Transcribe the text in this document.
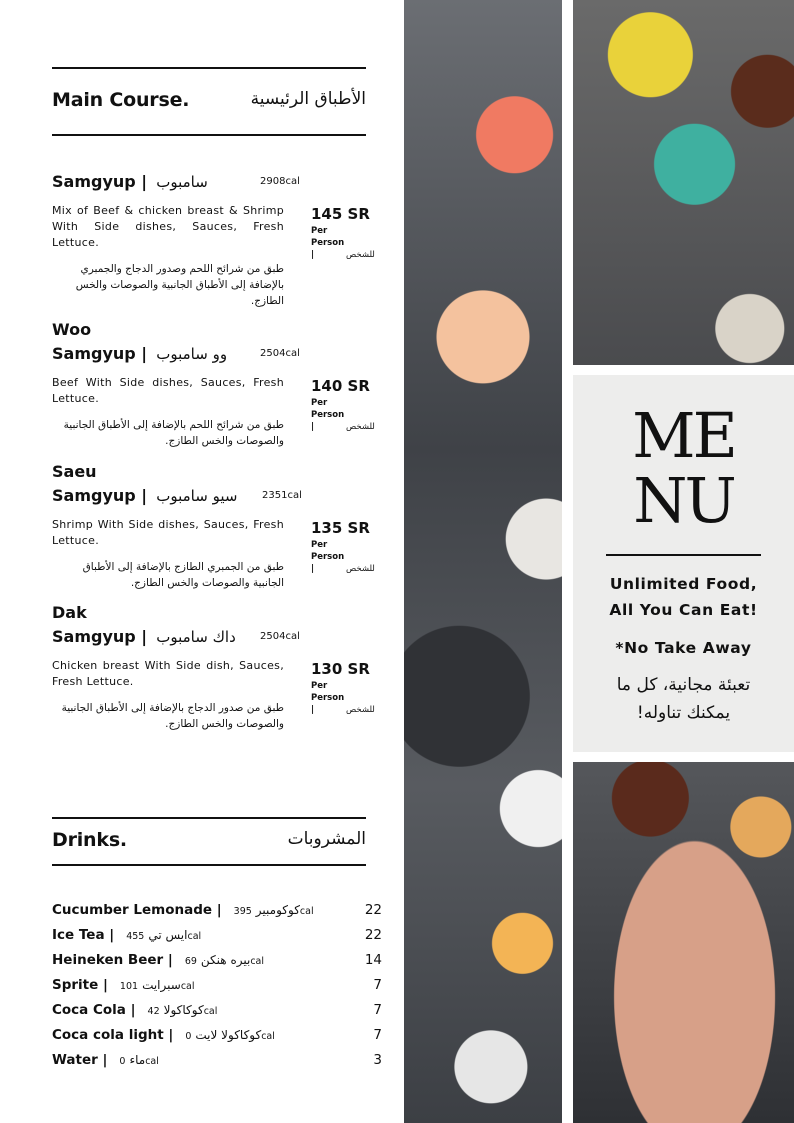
Main Course.	الأطباق الرئيسية
Samgyup | سامبوب	2908cal
Mix of Beef & chicken breast & Shrimp With Side dishes, Sauces, Fresh Lettuce.
طبق من شرائح اللحم وصدور الدجاج والجمبري بالإضافة إلى الأطباق الجانبية والصوصات والخس الطازج.
145 SR
Per Person |	للشخص
Woo
Samgyup | وو سامبوب	2504cal
Beef With Side dishes, Sauces, Fresh Lettuce.
طبق من شرائح اللحم بالإضافة إلى الأطباق الجانبية والصوصات والخس الطازج.
140 SR
Per Person |	للشخص
Saeu
Samgyup | سيو سامبوب 2351cal
Shrimp With Side dishes, Sauces, Fresh Lettuce.
طبق من الجمبري الطازج بالإضافة إلى الأطباق الجانبية والصوصات والخس الطازج.
135 SR
Per Person |	للشخص
Dak
Samgyup | داك سامبوب 2504cal
Chicken breast With Side dish, Sauces, Fresh Lettuce.
طبق من صدور الدجاج بالإضافة إلى الأطباق الجانبية والصوصات والخس الطازج.
130 SR
Per Person |	للشخص
Drinks.	المشروبات
Cucumber Lemonade |	كوكومبير395cal	22
Ice Tea |	ايس تي455cal	22
Heineken Beer | بيره هنكن69cal	14
Sprite |	سبرايت101cal	7
Coca Cola | كوكاكولا42cal	7
Coca cola light | كوكاكولا لايت0cal	7
Water | ماء0cal	3
ME
NU
Unlimited Food,
All You Can Eat!
*No Take Away
تعبئة مجانية، كل ما
يمكنك تناوله!
